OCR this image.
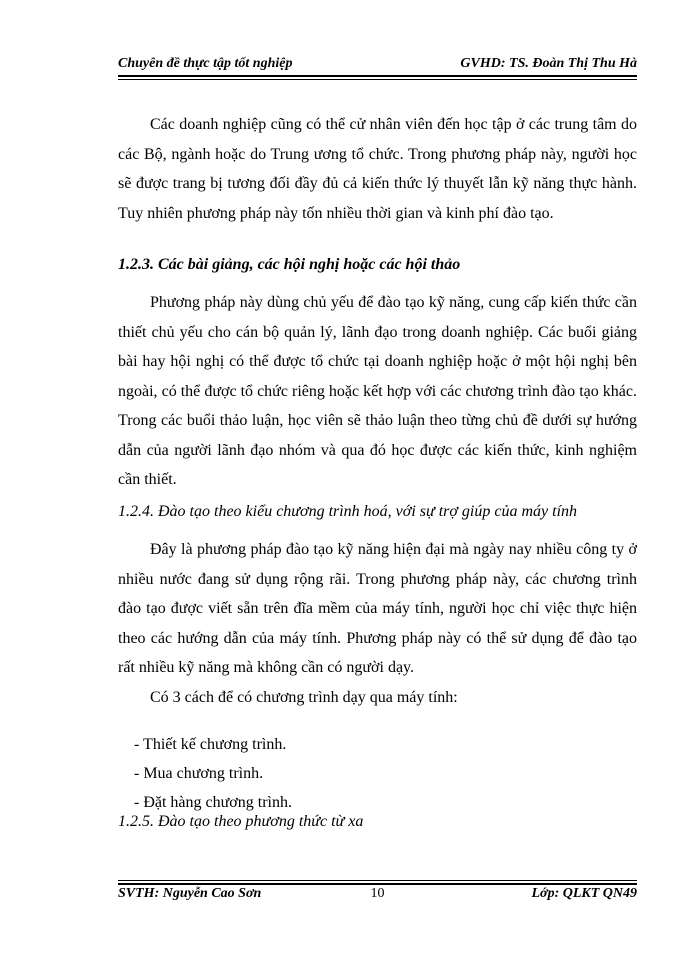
Chuyên đề thực tập tốt nghiệp	GVHD: TS. Đoàn Thị Thu Hà

Các doanh nghiệp cũng có thể cử nhân viên đến học tập ở các trung tâm do các Bộ, ngành hoặc do Trung ương tổ chức. Trong phương pháp này, người học sẽ được trang bị tương đối đầy đủ cả kiến thức lý thuyết lẫn kỹ năng thực hành. Tuy nhiên phương pháp này tốn nhiều thời gian và kinh phí đào tạo.

1.2.3. Các bài giảng, các hội nghị hoặc các hội thảo

Phương pháp này dùng chủ yếu để đào tạo kỹ năng, cung cấp kiến thức cần thiết chủ yếu cho cán bộ quản lý, lãnh đạo trong doanh nghiệp. Các buổi giảng bài hay hội nghị có thể được tổ chức tại doanh nghiệp hoặc ở một hội nghị bên ngoài, có thể được tổ chức riêng hoặc kết hợp với các chương trình đào tạo khác. Trong các buổi thảo luận, học viên sẽ thảo luận theo từng chủ đề dưới sự hướng dẫn của người lãnh đạo nhóm và qua đó học được các kiến thức, kinh nghiệm cần thiết.

1.2.4. Đào tạo theo kiểu chương trình hoá, với sự trợ giúp của máy tính

Đây là phương pháp đào tạo kỹ năng hiện đại mà ngày nay nhiều công ty ở nhiều nước đang sử dụng rộng rãi. Trong phương pháp này, các chương trình đào tạo được viết sẵn trên đĩa mềm của máy tính, người học chỉ việc thực hiện theo các hướng dẫn của máy tính. Phương pháp này có thể sử dụng để đào tạo rất nhiều kỹ năng mà không cần có người dạy.

Có 3 cách để có chương trình dạy qua máy tính:
- Thiết kế chương trình.
- Mua chương trình.
- Đặt hàng chương trình.
1.2.5. Đào tạo theo phương thức từ xa
SVTH: Nguyễn Cao Sơn	10	Lớp: QLKT QN49
